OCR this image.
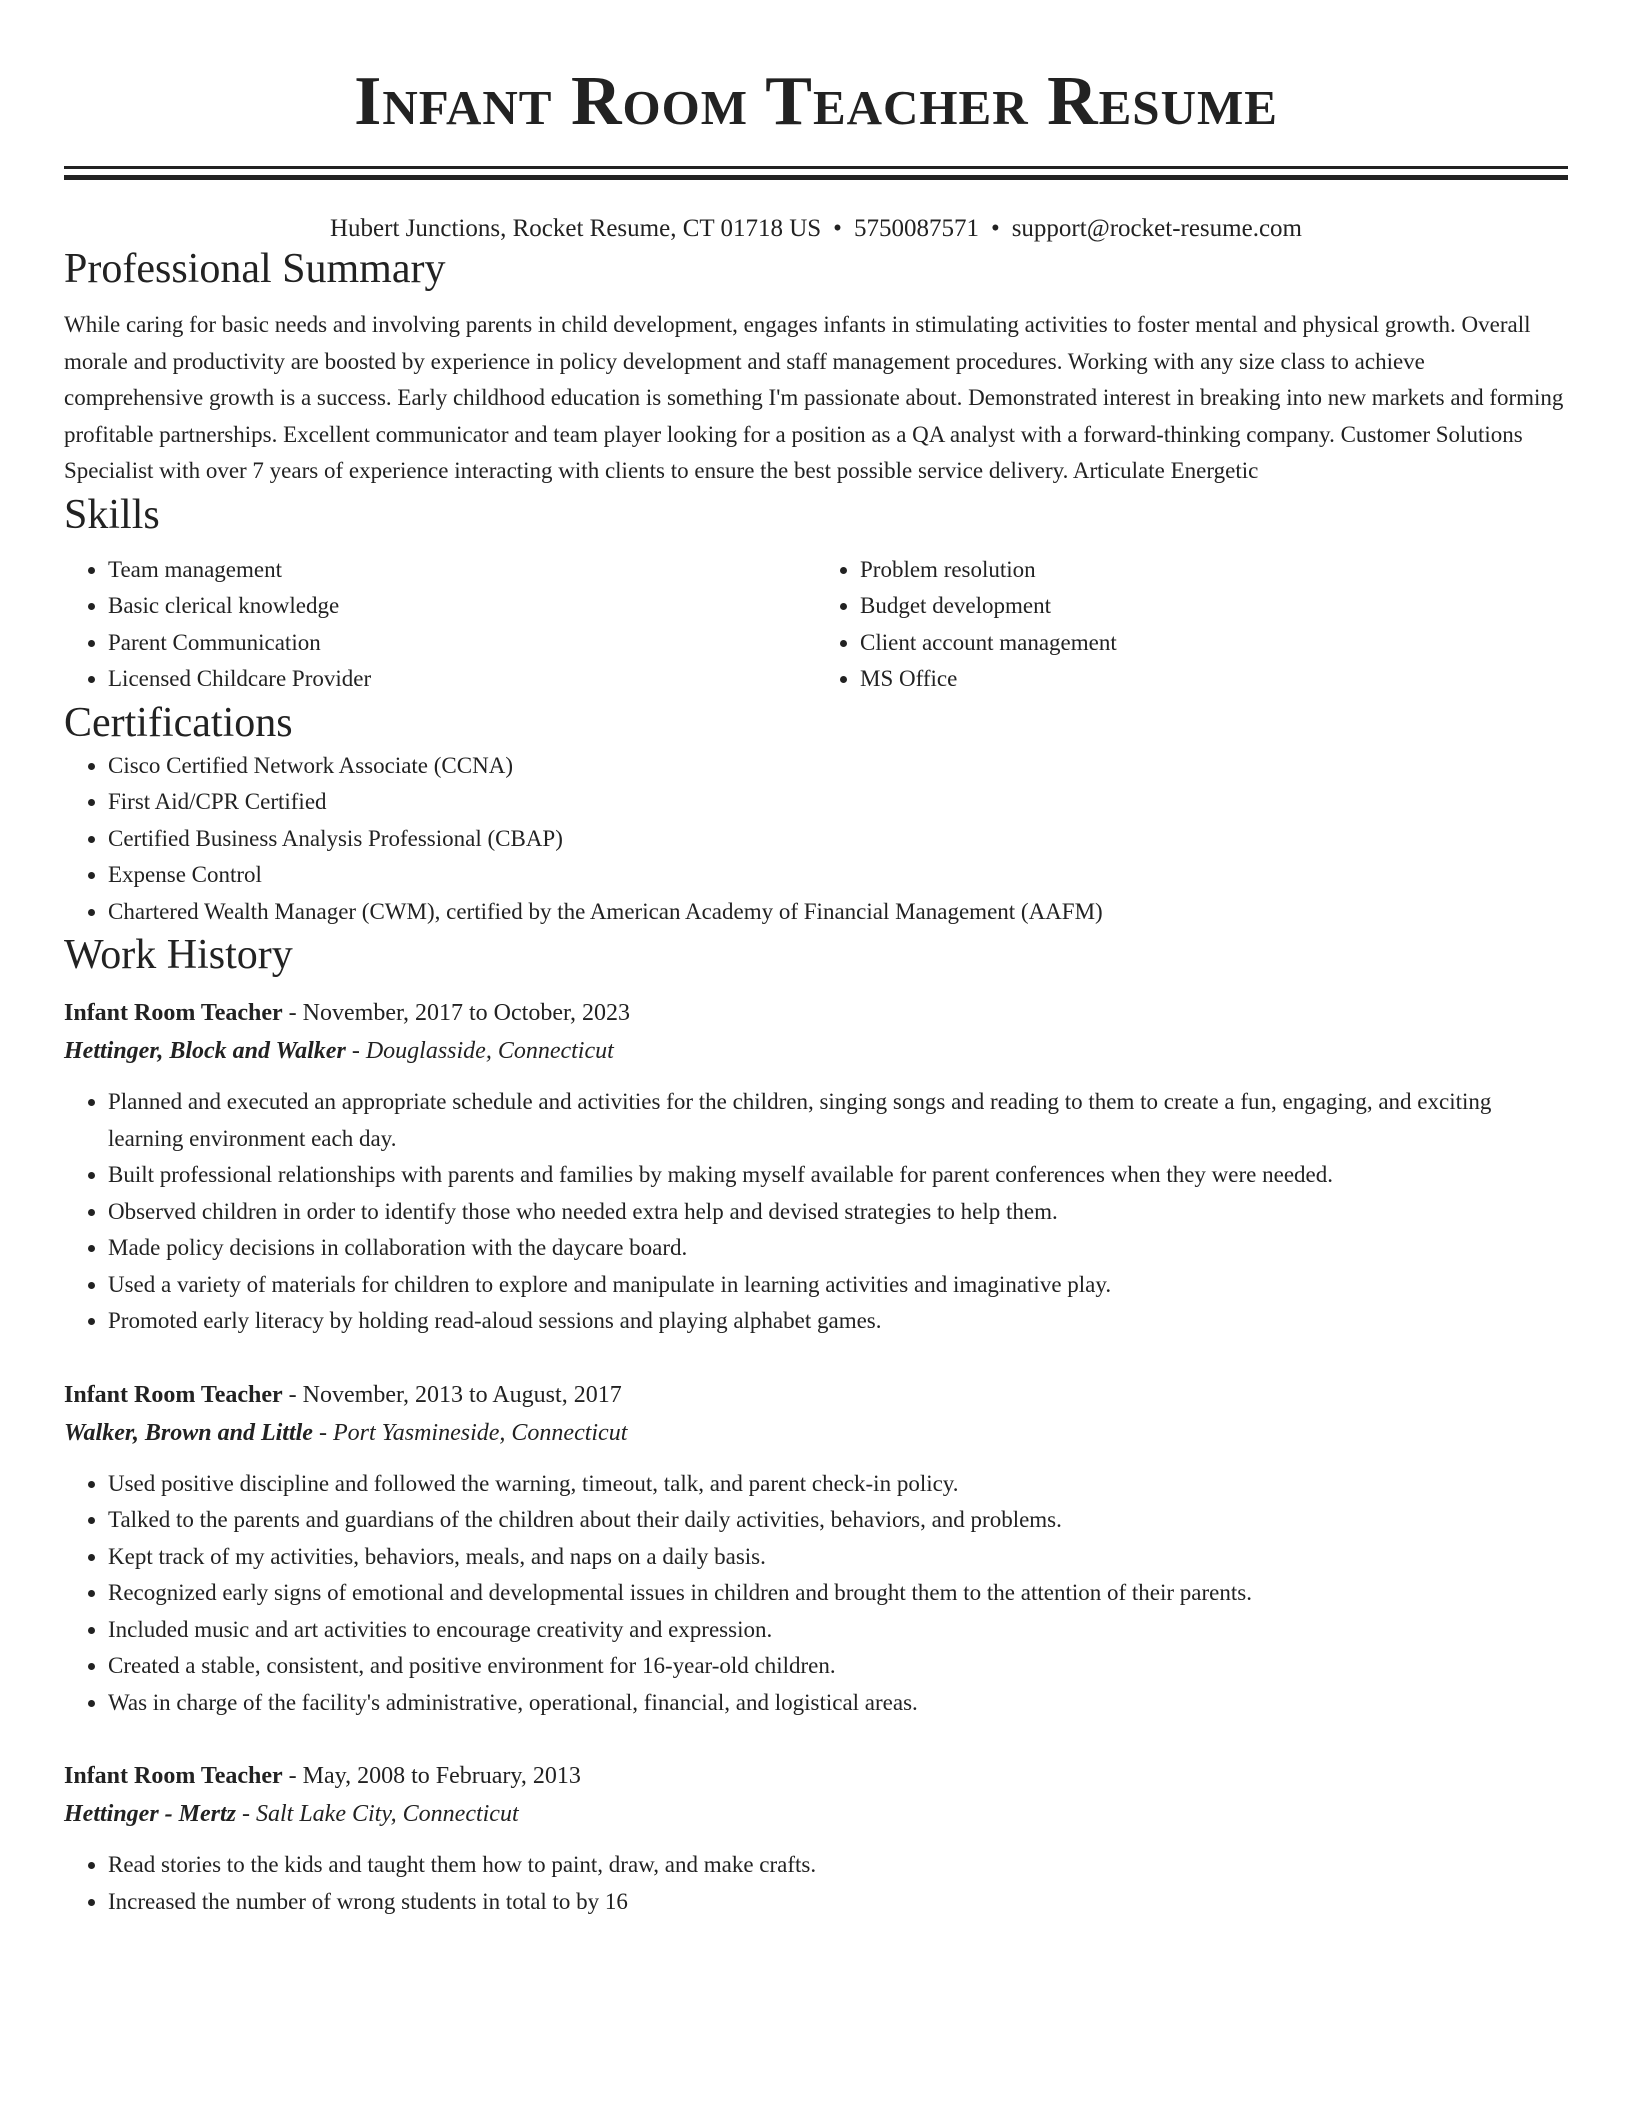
Infant Room Teacher Resume
Hubert Junctions, Rocket Resume, CT 01718 US • 5750087571 • support@rocket-resume.com
Professional Summary

While caring for basic needs and involving parents in child development, engages infants in stimulating activities to foster mental and physical growth. Overall morale and productivity are boosted by experience in policy development and staff management procedures. Working with any size class to achieve comprehensive growth is a success. Early childhood education is something I'm passionate about. Demonstrated interest in breaking into new markets and forming profitable partnerships. Excellent communicator and team player looking for a position as a QA analyst with a forward-thinking company. Customer Solutions Specialist with over 7 years of experience interacting with clients to ensure the best possible service delivery. Articulate Energetic

Skills
• Team management
• Basic clerical knowledge
• Parent Communication
• Licensed Childcare Provider
• Problem resolution
• Budget development
• Client account management
• MS Office
Certifications
• Cisco Certified Network Associate (CCNA)
• First Aid/CPR Certified
• Certified Business Analysis Professional (CBAP)
• Expense Control
• Chartered Wealth Manager (CWM), certified by the American Academy of Financial Management (AAFM)
Work History
Infant Room Teacher - November, 2017 to October, 2023
Hettinger, Block and Walker - Douglasside, Connecticut
• Planned and executed an appropriate schedule and activities for the children, singing songs and reading to them to create a fun, engaging, and exciting learning environment each day.
• Built professional relationships with parents and families by making myself available for parent conferences when they were needed.
• Observed children in order to identify those who needed extra help and devised strategies to help them.
• Made policy decisions in collaboration with the daycare board.
• Used a variety of materials for children to explore and manipulate in learning activities and imaginative play.
• Promoted early literacy by holding read-aloud sessions and playing alphabet games.
Infant Room Teacher - November, 2013 to August, 2017
Walker, Brown and Little - Port Yasmineside, Connecticut
• Used positive discipline and followed the warning, timeout, talk, and parent check-in policy.
• Talked to the parents and guardians of the children about their daily activities, behaviors, and problems.
• Kept track of my activities, behaviors, meals, and naps on a daily basis.
• Recognized early signs of emotional and developmental issues in children and brought them to the attention of their parents.
• Included music and art activities to encourage creativity and expression.
• Created a stable, consistent, and positive environment for 16-year-old children.
• Was in charge of the facility's administrative, operational, financial, and logistical areas.
Infant Room Teacher - May, 2008 to February, 2013
Hettinger - Mertz - Salt Lake City, Connecticut
• Read stories to the kids and taught them how to paint, draw, and make crafts.
• Increased the number of wrong students in total to by 16
